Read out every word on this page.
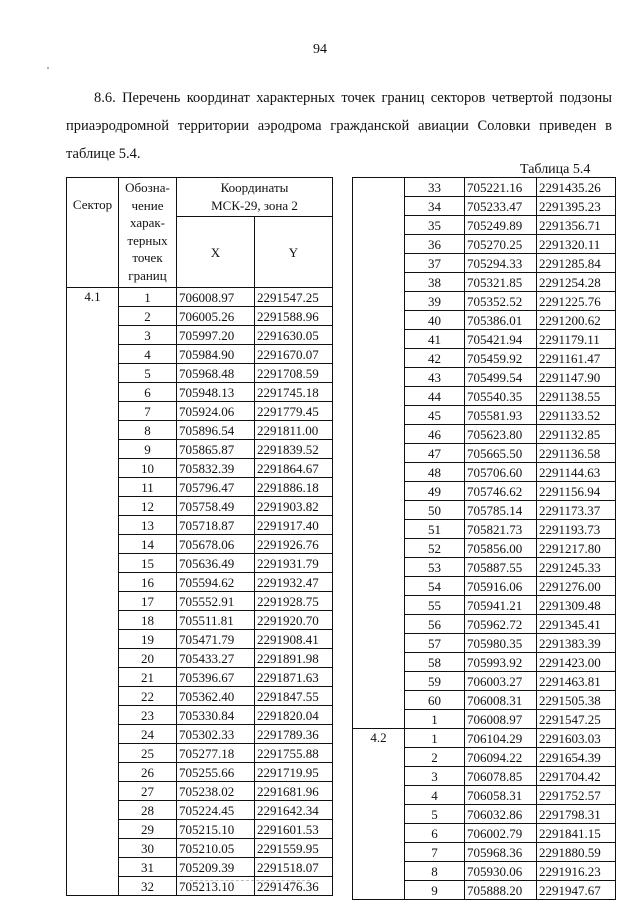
94

8.6. Перечень координат характерных точек границ секторов четвертой подзоны приаэродромной территории аэродрома гражданской авиации Соловки приведен в таблице 5.4.

Таблица 5.4
Сектор	Обозна-чение харак-терных точек границ	Координаты МСК-29, зона 2	

		X	Y
4.1	1	706008.97	2291547.25
	2	706005.26	2291588.96
	3	705997.20	2291630.05
	4	705984.90	2291670.07
	5	705968.48	2291708.59
	6	705948.13	2291745.18
	7	705924.06	2291779.45
	8	705896.54	2291811.00
	9	705865.87	2291839.52
	10	705832.39	2291864.67
	11	705796.47	2291886.18
	12	705758.49	2291903.82
	13	705718.87	2291917.40
	14	705678.06	2291926.76
	15	705636.49	2291931.79
	16	705594.62	2291932.47
	17	705552.91	2291928.75
	18	705511.81	2291920.70
	19	705471.79	2291908.41
	20	705433.27	2291891.98
	21	705396.67	2291871.63
	22	705362.40	2291847.55
	23	705330.84	2291820.04
	24	705302.33	2291789.36
	25	705277.18	2291755.88
	26	705255.66	2291719.95
	27	705238.02	2291681.96
	28	705224.45	2291642.34
	29	705215.10	2291601.53
	30	705210.05	2291559.95
	31	705209.39	2291518.07
	32	705213.10	2291476.36
	33	705221.16	2291435.26
	34	705233.47	2291395.23
	35	705249.89	2291356.71
	36	705270.25	2291320.11
	37	705294.33	2291285.84
	38	705321.85	2291254.28
	39	705352.52	2291225.76
	40	705386.01	2291200.62
	41	705421.94	2291179.11
	42	705459.92	2291161.47
	43	705499.54	2291147.90
	44	705540.35	2291138.55
	45	705581.93	2291133.52
	46	705623.80	2291132.85
	47	705665.50	2291136.58
	48	705706.60	2291144.63
	49	705746.62	2291156.94
	50	705785.14	2291173.37
	51	705821.73	2291193.73
	52	705856.00	2291217.80
	53	705887.55	2291245.33
	54	705916.06	2291276.00
	55	705941.21	2291309.48
	56	705962.72	2291345.41
	57	705980.35	2291383.39
	58	705993.92	2291423.00
	59	706003.27	2291463.81
	60	706008.31	2291505.38
	1	706008.97	2291547.25
4.2	1	706104.29	2291603.03
	2	706094.22	2291654.39
	3	706078.85	2291704.42
	4	706058.31	2291752.57
	5	706032.86	2291798.31
	6	706002.79	2291841.15
	7	705968.36	2291880.59
	8	705930.06	2291916.23
	9	705888.20	2291947.67
